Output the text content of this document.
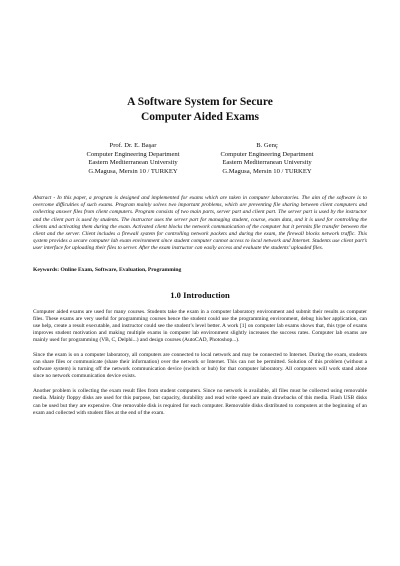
A Software System for Secure
Computer Aided Exams
Prof. Dr. E. Başar
Computer Engineering Department
Eastern Mediterranean University
G.Magusa, Mersin 10 / TURKEY
B. Genç
Computer Engineering Department
Eastern Mediterranean University
G.Magusa, Mersin 10 / TURKEY
Abstract - In this paper, a program is designed and implemented for exams which are taken in computer laboratories. The aim of the software is to overcome difficulties of such exams. Program mainly solves two important problems, which are preventing file sharing between client computers and collecting answer files from client computers. Program consists of two main parts, server part and client part. The server part is used by the instructor and the client part is used by students. The instructor uses the server part for managing student, course, exam data, and it is used for controlling the clients and activating them during the exam. Activated client blocks the network communication of the computer but it permits file transfer between the client and the server. Client includes a firewall system for controlling network packets and during the exam, the firewall blocks network traffic. This system provides a secure computer lab exam environment since student computer cannot access to local network and Internet. Students use client part’s user interface for uploading their files to server. After the exam instructor can easily access and evaluate the students’ uploaded files.
Keywords: Online Exam, Software, Evaluation, Programming
1.0 Introduction

Computer aided exams are used for many courses. Students take the exam in a computer laboratory environment and submit their results as computer files. These exams are very useful for programming courses hence the student could use the programming environment, debug his/her application, can use help, create a result executable, and instructor could see the student’s level better. A work [1] on computer lab exams shows that, this type of exams improves student motivation and making multiple exams in computer lab environment slightly increases the success rates. Computer lab exams are mainly used for programming (VB, C, Delphi...) and design courses (AutoCAD, Photoshop...).

Since the exam is on a computer laboratory, all computers are connected to local network and may be connected to Internet. During the exam, students can share files or communicate (share their information) over the network or Internet. This can not be permitted. Solution of this problem (without a software system) is turning off the network communication device (switch or hub) for that computer laboratory. All computers will work stand alone since no network communication device exists.

Another problem is collecting the exam result files from student computers. Since no network is available, all files must be collected using removable media. Mainly floppy disks are used for this purpose, but capacity, durability and read write speed are main drawbacks of this media. Flash USB disks can be used but they are expensive. One removable disk is required for each computer. Removable disks distributed to computers at the beginning of an exam and collected with student files at the end of the exam.
